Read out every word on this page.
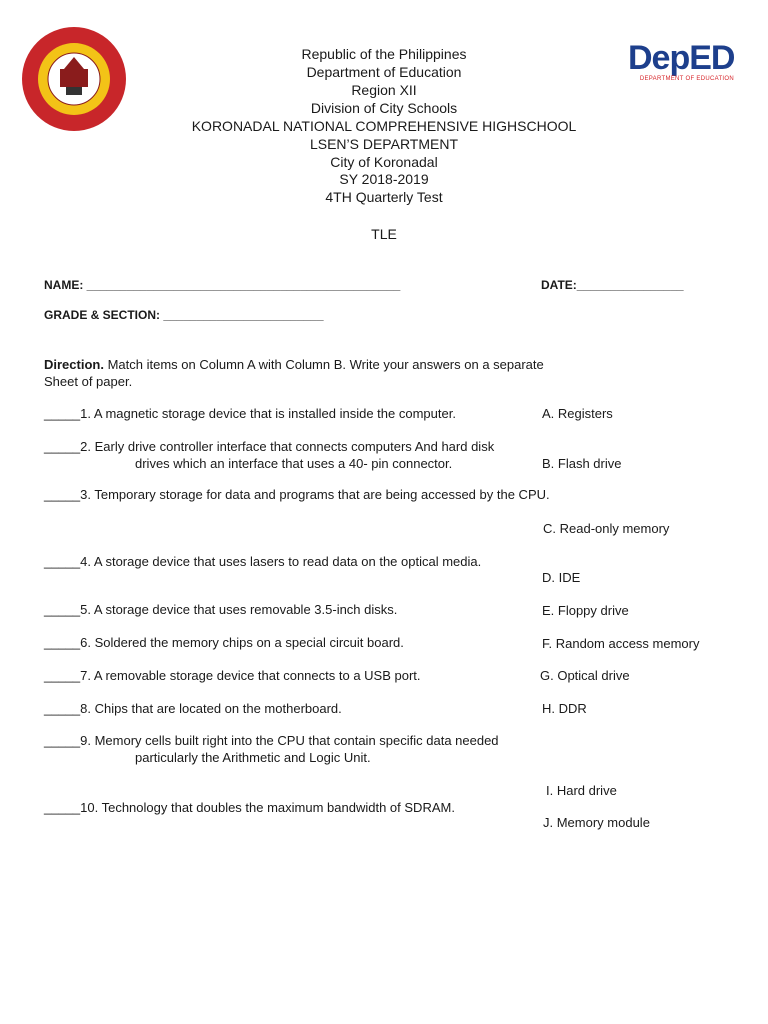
DepED
DEPARTMENT OF EDUCATION
Republic of the Philippines
Department of Education
Region XII
Division of City Schools
KORONADAL NATIONAL COMPREHENSIVE HIGHSCHOOL
LSEN’S DEPARTMENT
City of Koronadal
SY 2018-2019
4TH Quarterly Test
TLE
NAME: _______________________________________________	DATE:________________
GRADE & SECTION: ________________________
Direction. Match items on Column A with Column B. Write your answers on a separate
Sheet of paper.
_____1. A magnetic storage device that is installed inside the computer.
_____2. Early drive controller interface that connects computers And hard disk
drives which an interface that uses a 40- pin connector.
_____3. Temporary storage for data and programs that are being accessed by the CPU.
_____4. A storage device that uses lasers to read data on the optical media.
_____5. A storage device that uses removable 3.5-inch disks.
_____6. Soldered the memory chips on a special circuit board.
_____7. A removable storage device that connects to a USB port.
_____8. Chips that are located on the motherboard.
_____9. Memory cells built right into the CPU that contain specific data needed
particularly the Arithmetic and Logic Unit.
_____10. Technology that doubles the maximum bandwidth of SDRAM.
A. Registers
B. Flash drive
C. Read-only memory
D. IDE
E. Floppy drive
F. Random access memory
G. Optical drive
H. DDR
I. Hard drive
J. Memory module
